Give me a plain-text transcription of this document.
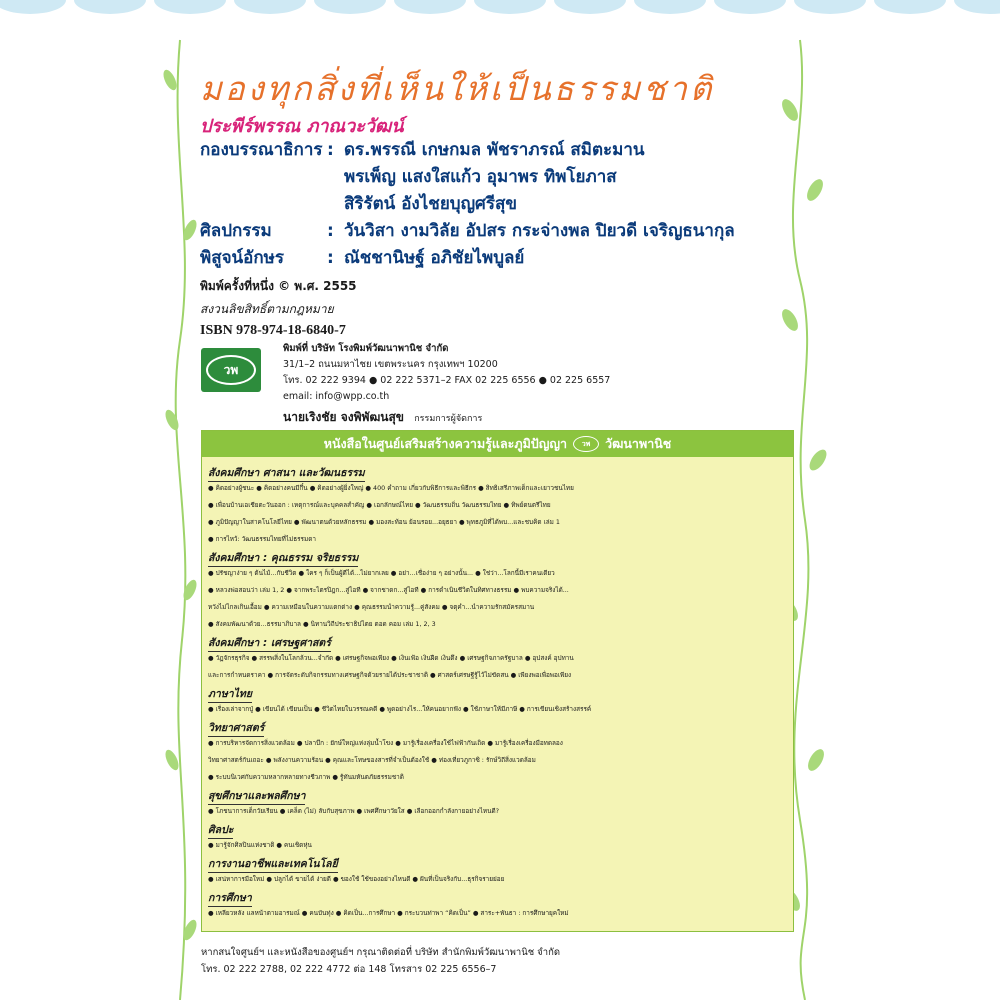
มองทุกสิ่งที่เห็นให้เป็นธรรมชาติ
ประพีร์พรรณ ภาณวะวัฒน์
กองบรรณาธิการ : ดร.พรรณี เกษกมล พัชราภรณ์ สมิตะมาน
พรเพ็ญ แสงใสแก้ว อุมาพร ทิพโยภาส
สิริรัตน์ อังไชยบุญศรีสุข
ศิลปกรรม	: วันวิสา งามวิลัย อัปสร กระจ่างพล ปิยวดี เจริญธนากุล
พิสูจน์อักษร	: ณัชชานิษฐ์ อภิชัยไพบูลย์
พิมพ์ครั้งที่หนึ่ง © พ.ศ. 2555
สงวนลิขสิทธิ์ตามกฎหมาย
ISBN 978-974-18-6840-7
วพ
พิมพ์ที่ บริษัท โรงพิมพ์วัฒนาพานิช จำกัด
31/1–2 ถนนมหาไชย เขตพระนคร กรุงเทพฯ 10200
โทร. 02 222 9394 ● 02 222 5371–2 FAX 02 225 6556 ● 02 225 6557
email: info@wpp.co.th
นายเริงชัย จงพิพัฒนสุข กรรมการผู้จัดการ
หนังสือในศูนย์เสริมสร้างความรู้และภูมิปัญญา	วพ	วัฒนาพานิช
สังคมศึกษา ศาสนา และวัฒนธรรม
● คิดอย่างผู้ชนะ ● คิดอย่างคนมีกึ๋น ● คิดอย่างผู้ยิ่งใหญ่ ● 400 คำถาม เกี่ยวกับพิธีการและพิธีกร ● สิทธิเสรีภาพเด็กและเยาวชนไทย
● เพื่อนบ้านเอเชียตะวันออก : เหตุการณ์และบุคคลสำคัญ ● เอกลักษณ์ไทย ● วัฒนธรรมถิ่น วัฒนธรรมไทย ● ทิพย์ดนตรีไทย
● ภูมิปัญญาในสาคโนโลยีไทย ● พัฒนาตนด้วยหลักธรรม ● มองสะท้อน ย้อนรอย...อยุธยา ● พุทธภูมิที่ได้พบ...และชบคิด เล่ม 1
● การไหว้: วัฒนธรรมไทยที่ไม่ธรรมดา
สังคมศึกษา : คุณธรรม จริยธรรม
● ปรัชญาง่าย ๆ ต้นไม้...กับชีวิต ● ใคร ๆ ก็เป็นผู้ดีได้...ไม่ยากเลย ● อย่า...เชื่อง่าย ๆ อย่างนั้น... ● ใช่ว่า...โลกนี้มีเราคนเดียว
● หลวงพ่อสอนว่า เล่ม 1, 2 ● จากพระไตรปิฎก...สู่ไอที ● จากชาดก...สู่ไอที ● การดำเนินชีวิตในทิศทางธรรม ● พบความจริงได้...
หวังไม่ไกลเกินเอื้อม ● ความเหมือนในความแตกต่าง ● คุณธรรมนำความรู้...คู่สังคม ● จตุคำ...นำความรักสมัครสมาน
● สังคมพัฒนาด้วย...ธรรมาภิบาล ● นิทานวิถีประชาธิปไตย ตอด คอม เล่ม 1, 2, 3
สังคมศึกษา : เศรษฐศาสตร์
● วัฏจักรธุรกิจ ● สรรพสิ่งในโลกล้วน...จำกัด ● เศรษฐกิจพอเพียง ● เงินเฟ้อ เงินฝืด เงินตึง ● เศรษฐกิจภาครัฐบาล ● อุปสงค์ อุปทาน
และการกำหนดราคา ● การจัดระดับกิจกรรมทางเศรษฐกิจด้วยรายได้ประชาชาติ ● ศาสตร์เศรษฐีรู้ไว้ไม่ขัดสน ● เพียงพอเพื่อพอเพียง
ภาษาไทย
● เรื่องเล่าจากปู่ ● เขียนได้ เขียนเป็น ● ชีวิตไทยในวรรณคดี ● พูดอย่างไร...ให้คนอยากฟัง ● ใช้ภาษาให้มีภาษี ● การเขียนเชิงสร้างสรรค์
วิทยาศาสตร์
● การบริหารจัดการสิ่งแวดล้อม ● ปลาบึก : ยักษ์ใหญ่แห่งลุ่มน้ำโขง ● มารู้เรื่องเครื่องใช้ไฟฟ้ากันเถิด ● มารู้เรื่องเครื่องมือทดลอง
วิทยาศาสตร์กันเถอะ ● พลังงานความร้อน ● คุณและโทษของสารที่จำเป็นต้องใช้ ● ท่องเที่ยวภูกาซิ : รักษ์วิถีสิ่งแวดล้อม
● ระบบนิเวศกับความหลากหลายทางชีวภาพ ● รู้ทันมหันตภัยธรรมชาติ
สุขศึกษาและพลศึกษา
● โภชนาการเด็กวัยเรียน ● เคล็ด (ไม่) ลับกับสุขภาพ ● เพศศึกษาวัยใส ● เลือกออกกำลังกายอย่างไหนดี?
ศิลปะ
● มารู้จักศิลปินแห่งชาติ ● คนเชิดหุ่น
การงานอาชีพและเทคโนโลยี
● เสน่หาการมือใหม่ ● ปลูกได้ ขายได้ ง่ายดี ● ของใช้ ใช้ของอย่างไหนดี ● ฝันที่เป็นจริงกับ...ธุรกิจรายย่อย
การศึกษา
● เหลียวหลัง แลหน้าตามอารมณ์ ● คนบันทุ่ง ● คิดเป็น...การศึกษา ● กระบวนท่าพา “คิดเป็น” ● สาระ+พันธา : การศึกษายุคใหม่
หากสนใจศูนย์ฯ และหนังสือของศูนย์ฯ กรุณาติดต่อที่ บริษัท สำนักพิมพ์วัฒนาพานิช จำกัด
โทร. 02 222 2788, 02 222 4772 ต่อ 148 โทรสาร 02 225 6556–7
